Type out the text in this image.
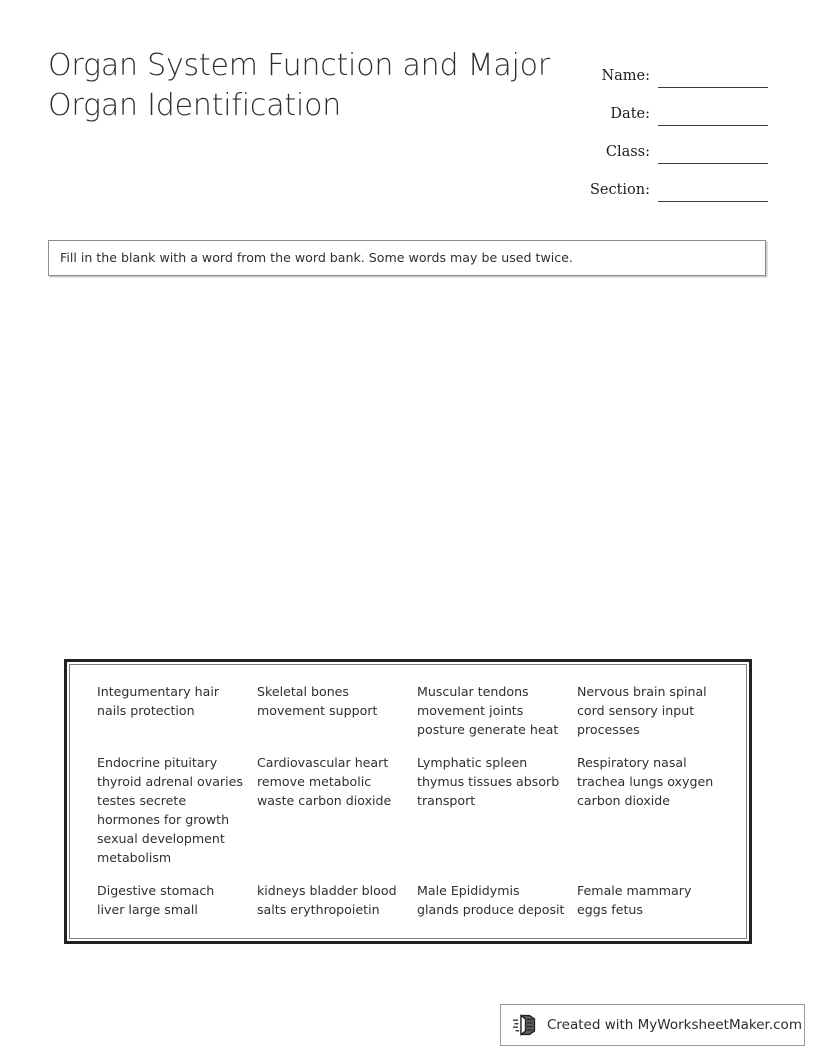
Organ System Function and Major Organ Identification
Name:
Date:
Class:
Section:
Fill in the blank with a word from the word bank. Some words may be used twice.
Integumentary hair nails protection
Skeletal bones movement support
Muscular tendons movement joints posture generate heat
Nervous brain spinal cord sensory input processes
Endocrine pituitary thyroid adrenal ovaries testes secrete hormones for growth sexual development metabolism
Cardiovascular heart remove metabolic waste carbon dioxide
Lymphatic spleen thymus tissues absorb transport
Respiratory nasal trachea lungs oxygen carbon dioxide
Digestive stomach liver large small
kidneys bladder blood salts erythropoietin
Male Epididymis glands produce deposit
Female mammary eggs fetus
Created with MyWorksheetMaker.com
